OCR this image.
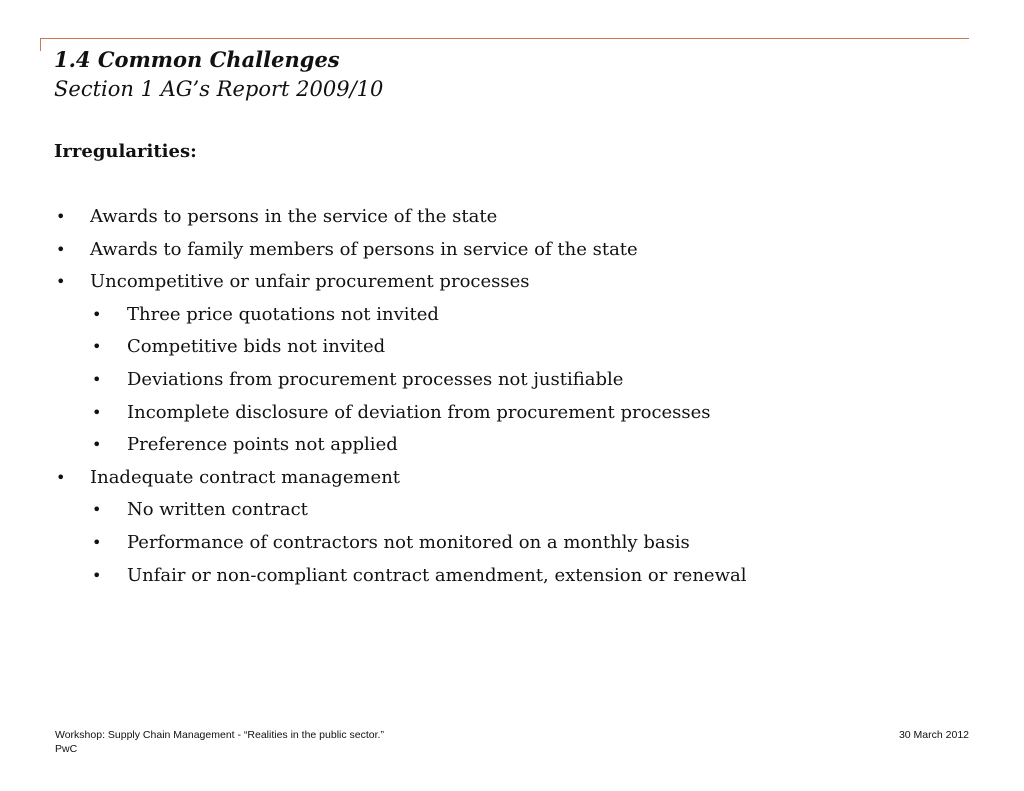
1.4 Common Challenges
Section 1 AG’s Report 2009/10
Irregularities:
• Awards to persons in the service of the state
• Awards to family members of persons in service of the state
• Uncompetitive or unfair procurement processes
• Three price quotations not invited
• Competitive bids not invited
• Deviations from procurement processes not justifiable
• Incomplete disclosure of deviation from procurement processes
• Preference points not applied
• Inadequate contract management
• No written contract
• Performance of contractors not monitored on a monthly basis
• Unfair or non-compliant contract amendment, extension or renewal
Workshop: Supply Chain Management - “Realities in the public sector.”
PwC
30 March 2012
